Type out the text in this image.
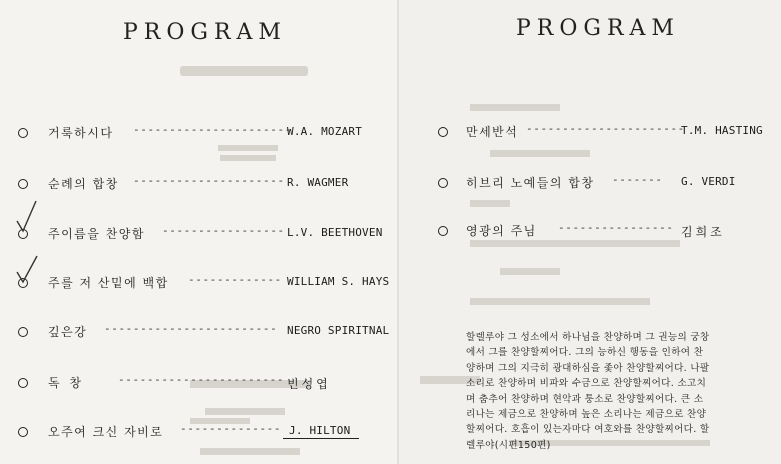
PROGRAM	PROGRAM
거룩하시다 ----------------------
W.A. MOZART
순례의 합창 --------------------- R. WAGMER
주이름을 찬양함 ----------------- L.V. BEETHOVEN
주를 저 산밑에 백합 ------------- WILLIAM S. HAYS
깊은강 ------------------------ NEGRO SPIRITNAL
독 창	----------------------- 빈성엽
오주여 크신 자비로 -------------- J. HILTON
만세반석 ----------------------
T.M. HASTING
히브리 노예들의 합창 ------- G. VERDI
영광의 주님 ---------------- 김희조
할렐루야 그 성소에서 하나님을 찬양하며 그 권능의 궁창
에서 그를 찬양할찌어다. 그의 능하신 행동을 인하여 찬
양하며 그의 지극히 광대하심을 좇아 찬양할찌어다. 나팔
소리로 찬양하며 비파와 수금으로 찬양할찌어다. 소고치
며 춤추어 찬양하며 현악과 퉁소로 찬양할찌어다. 큰 소
리나는 제금으로 찬양하며 높은 소리나는 제금으로 찬양
할찌어다. 호흡이 있는자마다 여호와를 찬양할찌어다. 할
렐루야(시편150편)
